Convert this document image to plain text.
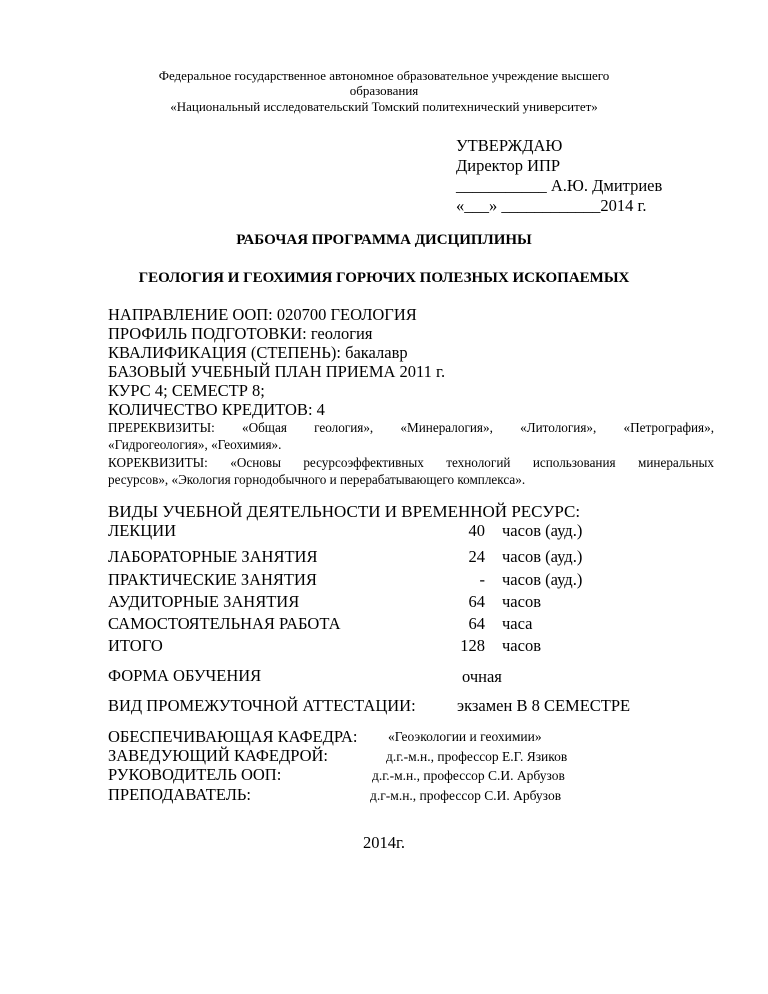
Федеральное государственное автономное образовательное учреждение высшего
образования
«Национальный исследовательский Томский политехнический университет»
УТВЕРЖДАЮ
Директор ИПР
___________ А.Ю. Дмитриев
«___» ____________2014 г.
РАБОЧАЯ ПРОГРАММА ДИСЦИПЛИНЫ
ГЕОЛОГИЯ И ГЕОХИМИЯ ГОРЮЧИХ ПОЛЕЗНЫХ ИСКОПАЕМЫХ
НАПРАВЛЕНИЕ ООП: 020700 ГЕОЛОГИЯ
ПРОФИЛЬ ПОДГОТОВКИ: геология
КВАЛИФИКАЦИЯ (СТЕПЕНЬ): бакалавр
БАЗОВЫЙ УЧЕБНЫЙ ПЛАН ПРИЕМА 2011 г.
КУРС 4; СЕМЕСТР 8;
КОЛИЧЕСТВО КРЕДИТОВ: 4
ПРЕРЕКВИЗИТЫ: «Общая геология», «Минералогия», «Литология», «Петрография»,
«Гидрогеология», «Геохимия».
КОРЕКВИЗИТЫ: «Основы ресурсоэффективных технологий использования минеральных
ресурсов», «Экология горнодобычного и перерабатывающего комплекса».
ВИДЫ УЧЕБНОЙ ДЕЯТЕЛЬНОСТИ И ВРЕМЕННОЙ РЕСУРС:
ЛЕКЦИИ	40 часов (ауд.)
ЛАБОРАТОРНЫЕ ЗАНЯТИЯ	24 часов (ауд.)
ПРАКТИЧЕСКИЕ ЗАНЯТИЯ	- часов (ауд.)
АУДИТОРНЫЕ ЗАНЯТИЯ	64 часов
САМОСТОЯТЕЛЬНАЯ РАБОТА	64 часа
ИТОГО	128 часов
ФОРМА ОБУЧЕНИЯ	очная
ВИД ПРОМЕЖУТОЧНОЙ АТТЕСТАЦИИ:	экзамен В 8 СЕМЕСТРЕ
ОБЕСПЕЧИВАЮЩАЯ КАФЕДРА: «Геоэкологии и геохимии»
ЗАВЕДУЮЩИЙ КАФЕДРОЙ:	д.г.-м.н., профессор Е.Г. Язиков
РУКОВОДИТЕЛЬ ООП:	д.г.-м.н., профессор С.И. Арбузов
ПРЕПОДАВАТЕЛЬ:	д.г-м.н., профессор С.И. Арбузов
2014г.
